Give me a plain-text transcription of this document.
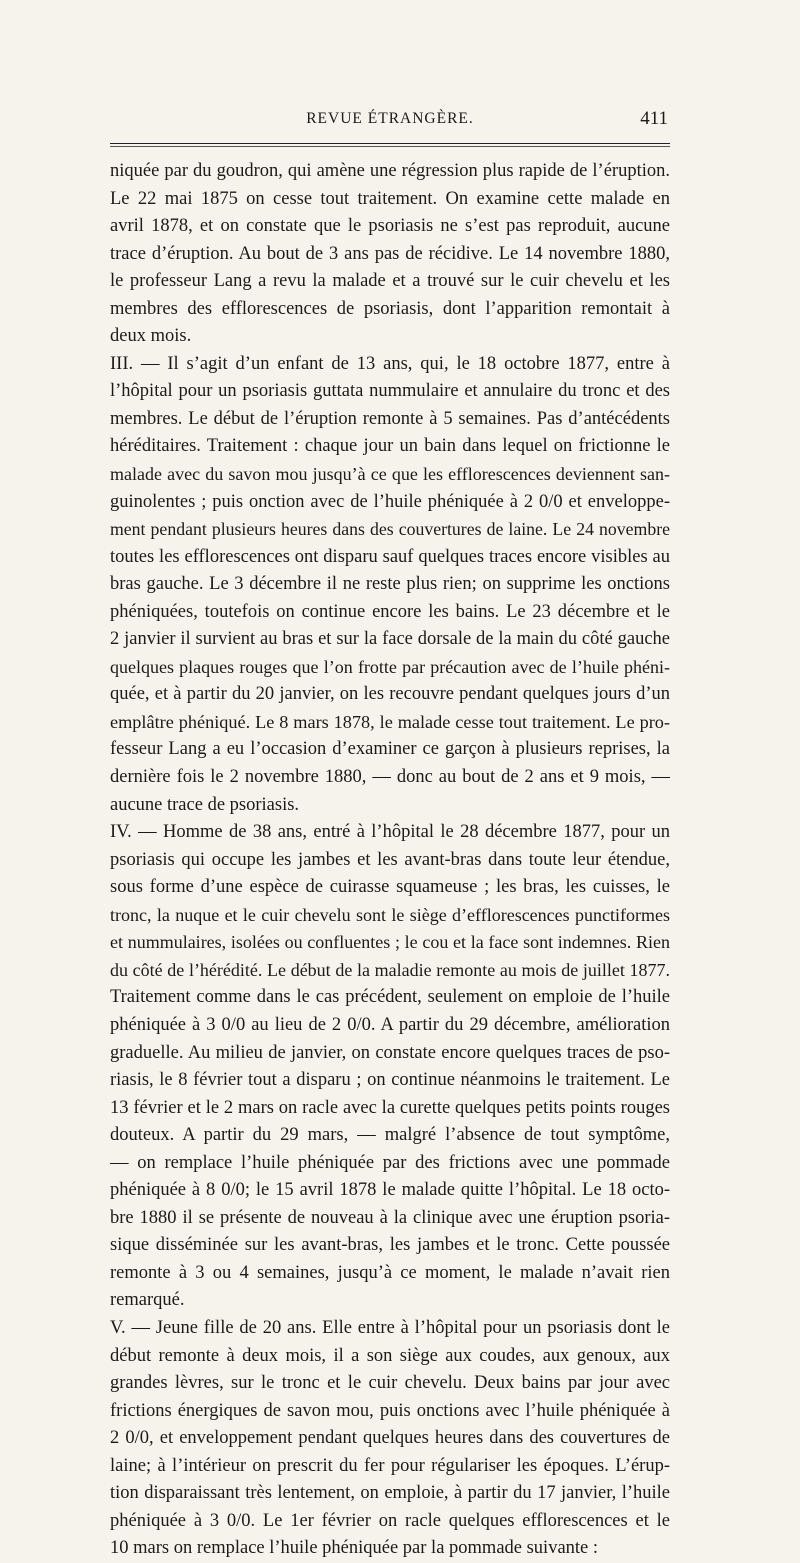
REVUE ÉTRANGÈRE.	411
niquée par du goudron, qui amène une régression plus rapide de l’éruption.
Le 22 mai 1875 on cesse tout traitement. On examine cette malade en
avril 1878, et on constate que le psoriasis ne s’est pas reproduit, aucune
trace d’éruption. Au bout de 3 ans pas de récidive. Le 14 novembre 1880,
le professeur Lang a revu la malade et a trouvé sur le cuir chevelu et les
membres des efflorescences de psoriasis, dont l’apparition remontait à
deux mois.
III. — Il s’agit d’un enfant de 13 ans, qui, le 18 octobre 1877, entre à
l’hôpital pour un psoriasis guttata nummulaire et annulaire du tronc et des
membres. Le début de l’éruption remonte à 5 semaines. Pas d’antécédents
héréditaires. Traitement : chaque jour un bain dans lequel on frictionne le
malade avec du savon mou jusqu’à ce que les efflorescences deviennent san-
guinolentes ; puis onction avec de l’huile phéniquée à 2 0/0 et enveloppe-
ment pendant plusieurs heures dans des couvertures de laine. Le 24 novembre
toutes les efflorescences ont disparu sauf quelques traces encore visibles au
bras gauche. Le 3 décembre il ne reste plus rien; on supprime les onctions
phéniquées, toutefois on continue encore les bains. Le 23 décembre et le
2 janvier il survient au bras et sur la face dorsale de la main du côté gauche
quelques plaques rouges que l’on frotte par précaution avec de l’huile phéni-
quée, et à partir du 20 janvier, on les recouvre pendant quelques jours d’un
emplâtre phéniqué. Le 8 mars 1878, le malade cesse tout traitement. Le pro-
fesseur Lang a eu l’occasion d’examiner ce garçon à plusieurs reprises, la
dernière fois le 2 novembre 1880, — donc au bout de 2 ans et 9 mois, —
aucune trace de psoriasis.
IV. — Homme de 38 ans, entré à l’hôpital le 28 décembre 1877, pour un
psoriasis qui occupe les jambes et les avant-bras dans toute leur étendue,
sous forme d’une espèce de cuirasse squameuse ; les bras, les cuisses, le
tronc, la nuque et le cuir chevelu sont le siège d’efflorescences punctiformes
et nummulaires, isolées ou confluentes ; le cou et la face sont indemnes. Rien
du côté de l’hérédité. Le début de la maladie remonte au mois de juillet 1877.
Traitement comme dans le cas précédent, seulement on emploie de l’huile
phéniquée à 3 0/0 au lieu de 2 0/0. A partir du 29 décembre, amélioration
graduelle. Au milieu de janvier, on constate encore quelques traces de pso-
riasis, le 8 février tout a disparu ; on continue néanmoins le traitement. Le
13 février et le 2 mars on racle avec la curette quelques petits points rouges
douteux. A partir du 29 mars, — malgré l’absence de tout symptôme,
— on remplace l’huile phéniquée par des frictions avec une pommade
phéniquée à 8 0/0; le 15 avril 1878 le malade quitte l’hôpital. Le 18 octo-
bre 1880 il se présente de nouveau à la clinique avec une éruption psoria-
sique disséminée sur les avant-bras, les jambes et le tronc. Cette poussée
remonte à 3 ou 4 semaines, jusqu’à ce moment, le malade n’avait rien
remarqué.
V. — Jeune fille de 20 ans. Elle entre à l’hôpital pour un psoriasis dont le
début remonte à deux mois, il a son siège aux coudes, aux genoux, aux
grandes lèvres, sur le tronc et le cuir chevelu. Deux bains par jour avec
frictions énergiques de savon mou, puis onctions avec l’huile phéniquée à
2 0/0, et enveloppement pendant quelques heures dans des couvertures de
laine; à l’intérieur on prescrit du fer pour régulariser les époques. L’érup-
tion disparaissant très lentement, on emploie, à partir du 17 janvier, l’huile
phéniquée à 3 0/0. Le 1er février on racle quelques efflorescences et le
10 mars on remplace l’huile phéniquée par la pommade suivante :
